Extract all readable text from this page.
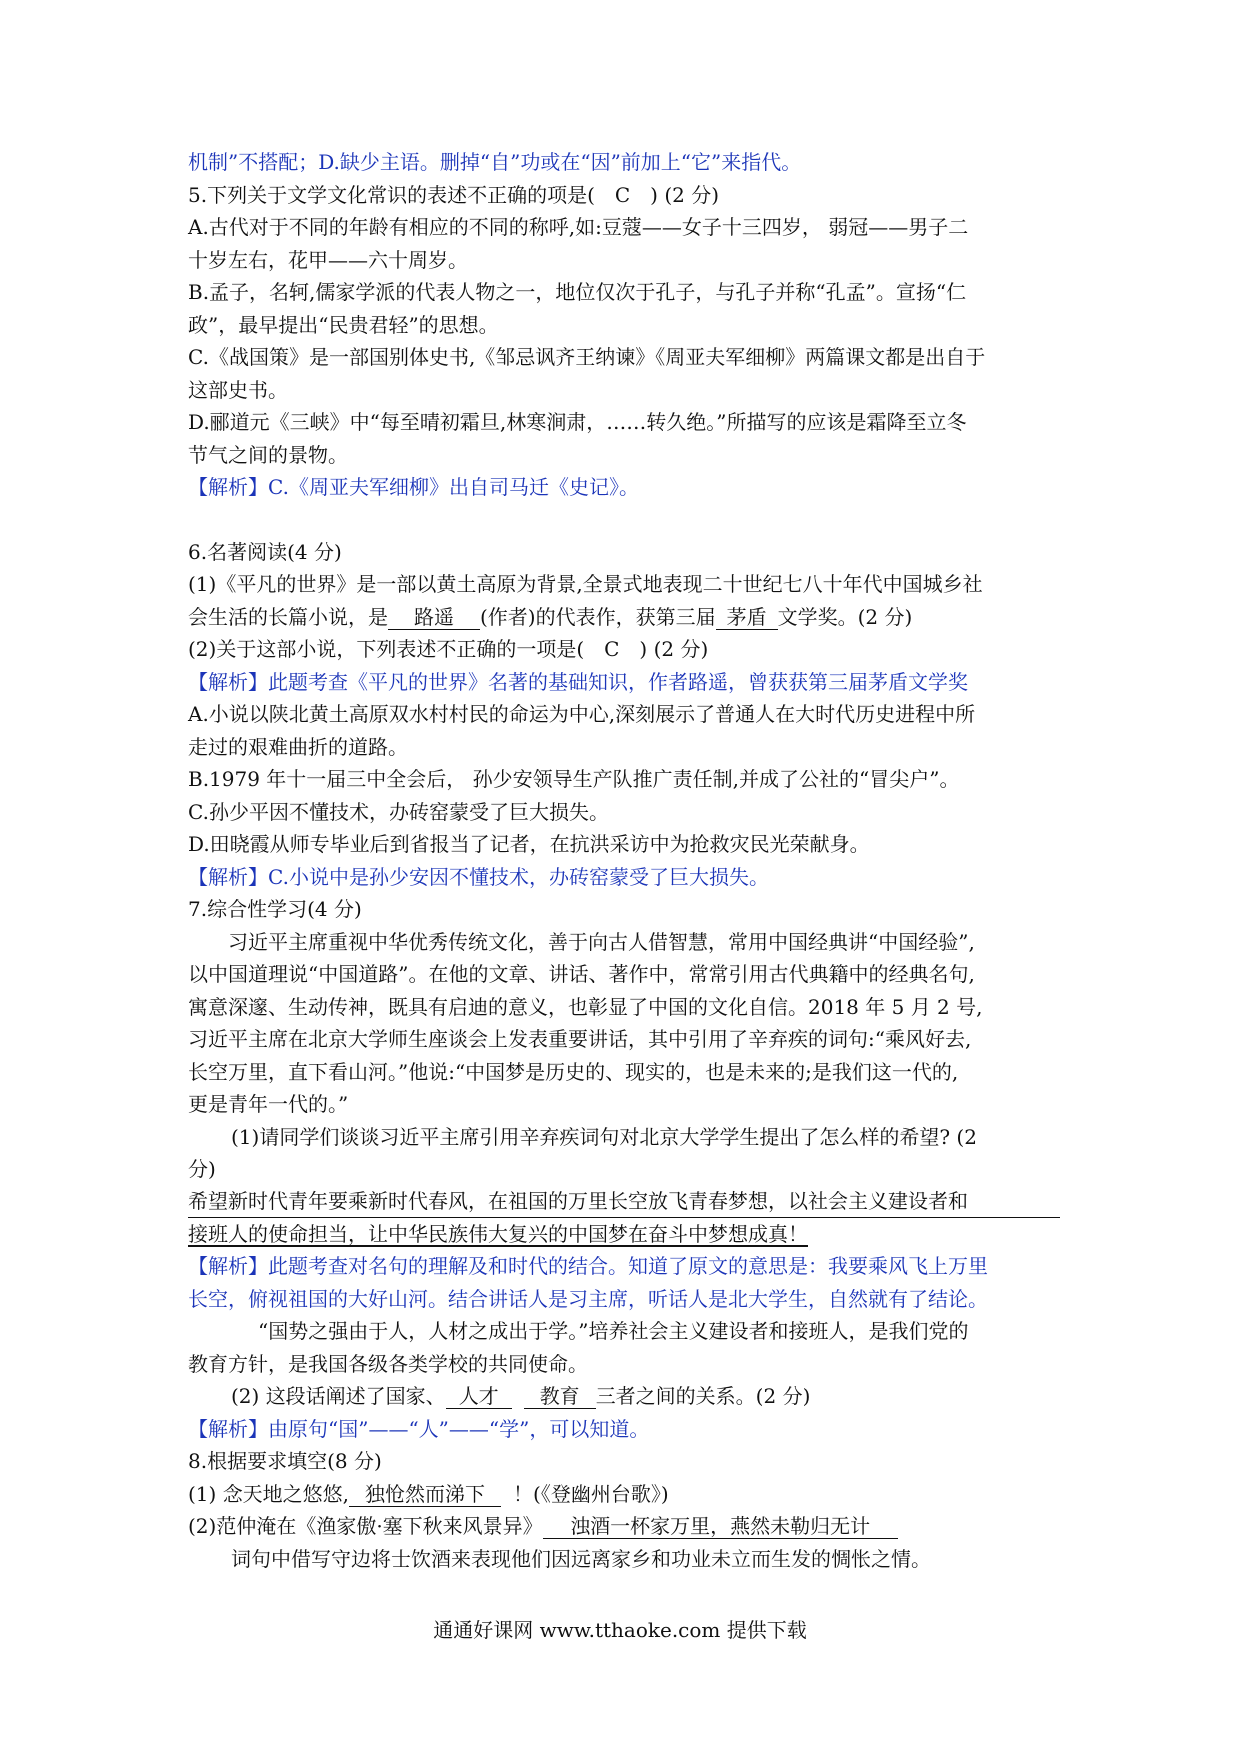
机制”不搭配；D.缺少主语。删掉“自”功或在“因”前加上“它”来指代。
5.下列关于文学文化常识的表述不正确的项是(　C　) (2 分)
A.古代对于不同的年龄有相应的不同的称呼,如:豆蔻——女子十三四岁， 弱冠——男子二
十岁左右，花甲——六十周岁。
B.孟子，名轲,儒家学派的代表人物之一，地位仅次于孔子，与孔子并称“孔孟”。宣扬“仁
政”，最早提出“民贵君轻”的思想。
C.《战国策》是一部国别体史书,《邹忌讽齐王纳谏》《周亚夫军细柳》两篇课文都是出自于
这部史书。
D.郦道元《三峡》中“每至晴初霜旦,林寒涧肃，……转久绝。”所描写的应该是霜降至立冬
节气之间的景物。
【解析】C.《周亚夫军细柳》出自司马迁《史记》。
6.名著阅读(4 分)
(1)《平凡的世界》是一部以黄土高原为背景,全景式地表现二十世纪七八十年代中国城乡社
会生活的长篇小说，是 路遥 (作者)的代表作，获第三届 茅盾 文学奖。(2 分)
(2)关于这部小说，下列表述不正确的一项是(　C　) (2 分)
【解析】此题考查《平凡的世界》名著的基础知识，作者路遥，曾获获第三届茅盾文学奖
A.小说以陕北黄土高原双水村村民的命运为中心,深刻展示了普通人在大时代历史进程中所
走过的艰难曲折的道路。
B.1979 年十一届三中全会后， 孙少安领导生产队推广责任制,并成了公社的“冒尖户”。
C.孙少平因不懂技术，办砖窑蒙受了巨大损失。
D.田晓霞从师专毕业后到省报当了记者，在抗洪采访中为抢救灾民光荣献身。
【解析】C.小说中是孙少安因不懂技术，办砖窑蒙受了巨大损失。
7.综合性学习(4 分)
习近平主席重视中华优秀传统文化，善于向古人借智慧，常用中国经典讲“中国经验”,
以中国道理说“中国道路”。在他的文章、讲话、著作中，常常引用古代典籍中的经典名句,
寓意深邃、生动传神，既具有启迪的意义，也彰显了中国的文化自信。2018 年 5 月 2 号,
习近平主席在北京大学师生座谈会上发表重要讲话，其中引用了辛弃疾的词句:“乘风好去,
长空万里，直下看山河。”他说:“中国梦是历史的、现实的，也是未来的;是我们这一代的,
更是青年一代的。”
(1)请同学们谈谈习近平主席引用辛弃疾词句对北京大学学生提出了怎么样的希望? (2
分)
希望新时代青年要乘新时代春风，在祖国的万里长空放飞青春梦想，以社会主义建设者和
接班人的使命担当，让中华民族伟大复兴的中国梦在奋斗中梦想成真！
【解析】此题考查对名句的理解及和时代的结合。知道了原文的意思是：我要乘风飞上万里
长空，俯视祖国的大好山河。结合讲话人是习主席，听话人是北大学生，自然就有了结论。
“国势之强由于人，人材之成出于学。”培养社会主义建设者和接班人，是我们党的
教育方针，是我国各级各类学校的共同使命。
(2) 这段话阐述了国家、 人才 教育 三者之间的关系。(2 分)
【解析】由原句“国”——“人”——“学”，可以知道。
8.根据要求填空(8 分)
(1) 念天地之悠悠, 独怆然而涕下 ！(《登幽州台歌》)
(2)范仲淹在《渔家傲·塞下秋来风景异》 浊酒一杯家万里，燕然未勒归无计
词句中借写守边将士饮酒来表现他们因远离家乡和功业未立而生发的惆怅之情。
通通好课网 www.tthaoke.com 提供下载
